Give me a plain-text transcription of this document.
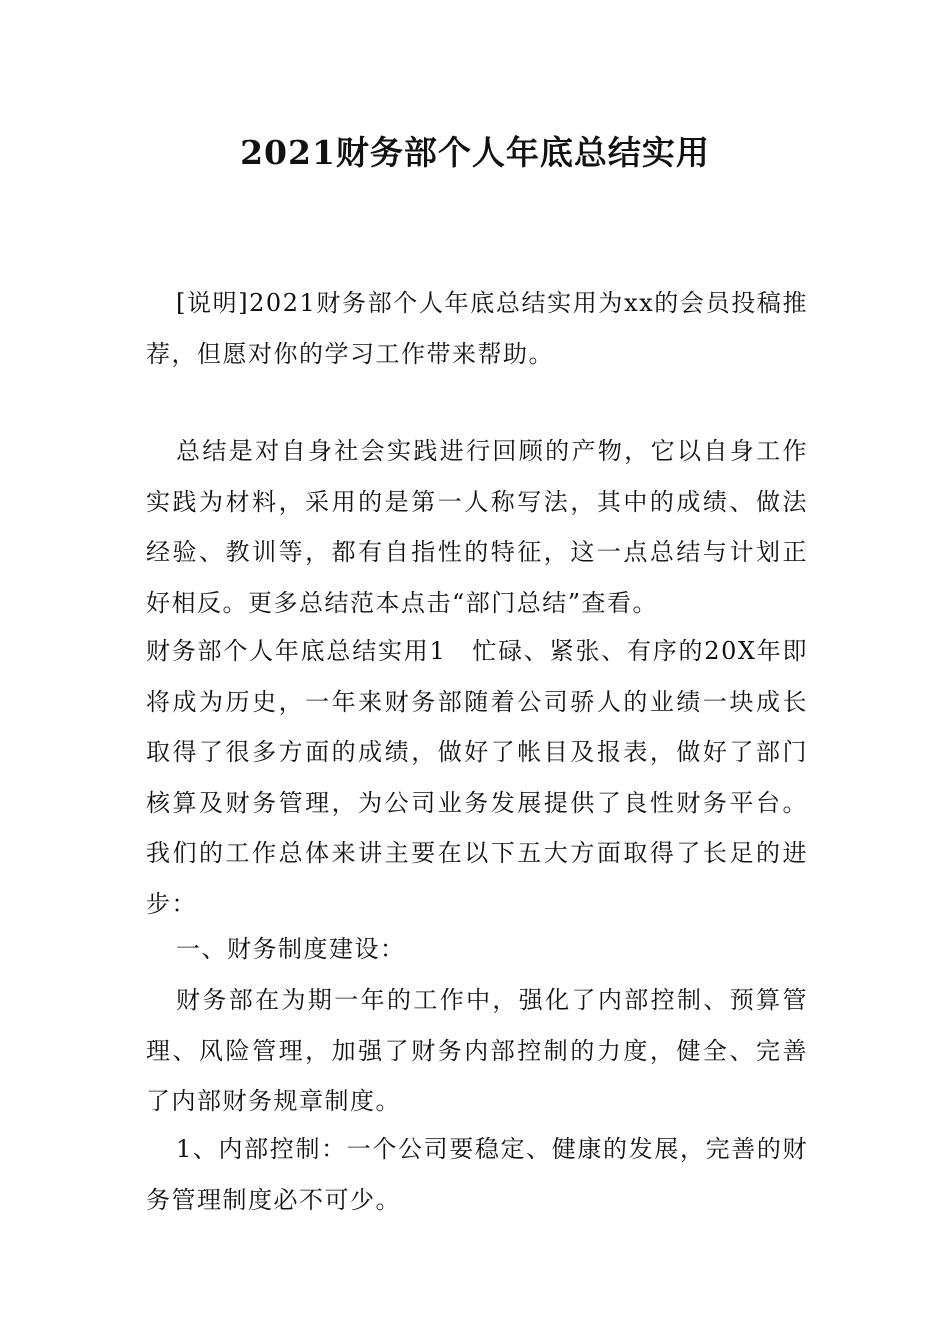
2021财务部个人年底总结实用

[说明]2021财务部个人年底总结实用为xx的会员投稿推荐，但愿对你的学习工作带来帮助。

总结是对自身社会实践进行回顾的产物，它以自身工作实践为材料，采用的是第一人称写法，其中的成绩、做法经验、教训等，都有自指性的特征，这一点总结与计划正好相反。更多总结范本点击“部门总结”查看。

财务部个人年底总结实用1　忙碌、紧张、有序的20X年即将成为历史，一年来财务部随着公司骄人的业绩一块成长取得了很多方面的成绩，做好了帐目及报表，做好了部门核算及财务管理，为公司业务发展提供了良性财务平台。我们的工作总体来讲主要在以下五大方面取得了长足的进步：

一、财务制度建设：

财务部在为期一年的工作中，强化了内部控制、预算管理、风险管理，加强了财务内部控制的力度，健全、完善了内部财务规章制度。

1、内部控制：一个公司要稳定、健康的发展，完善的财务管理制度必不可少。
